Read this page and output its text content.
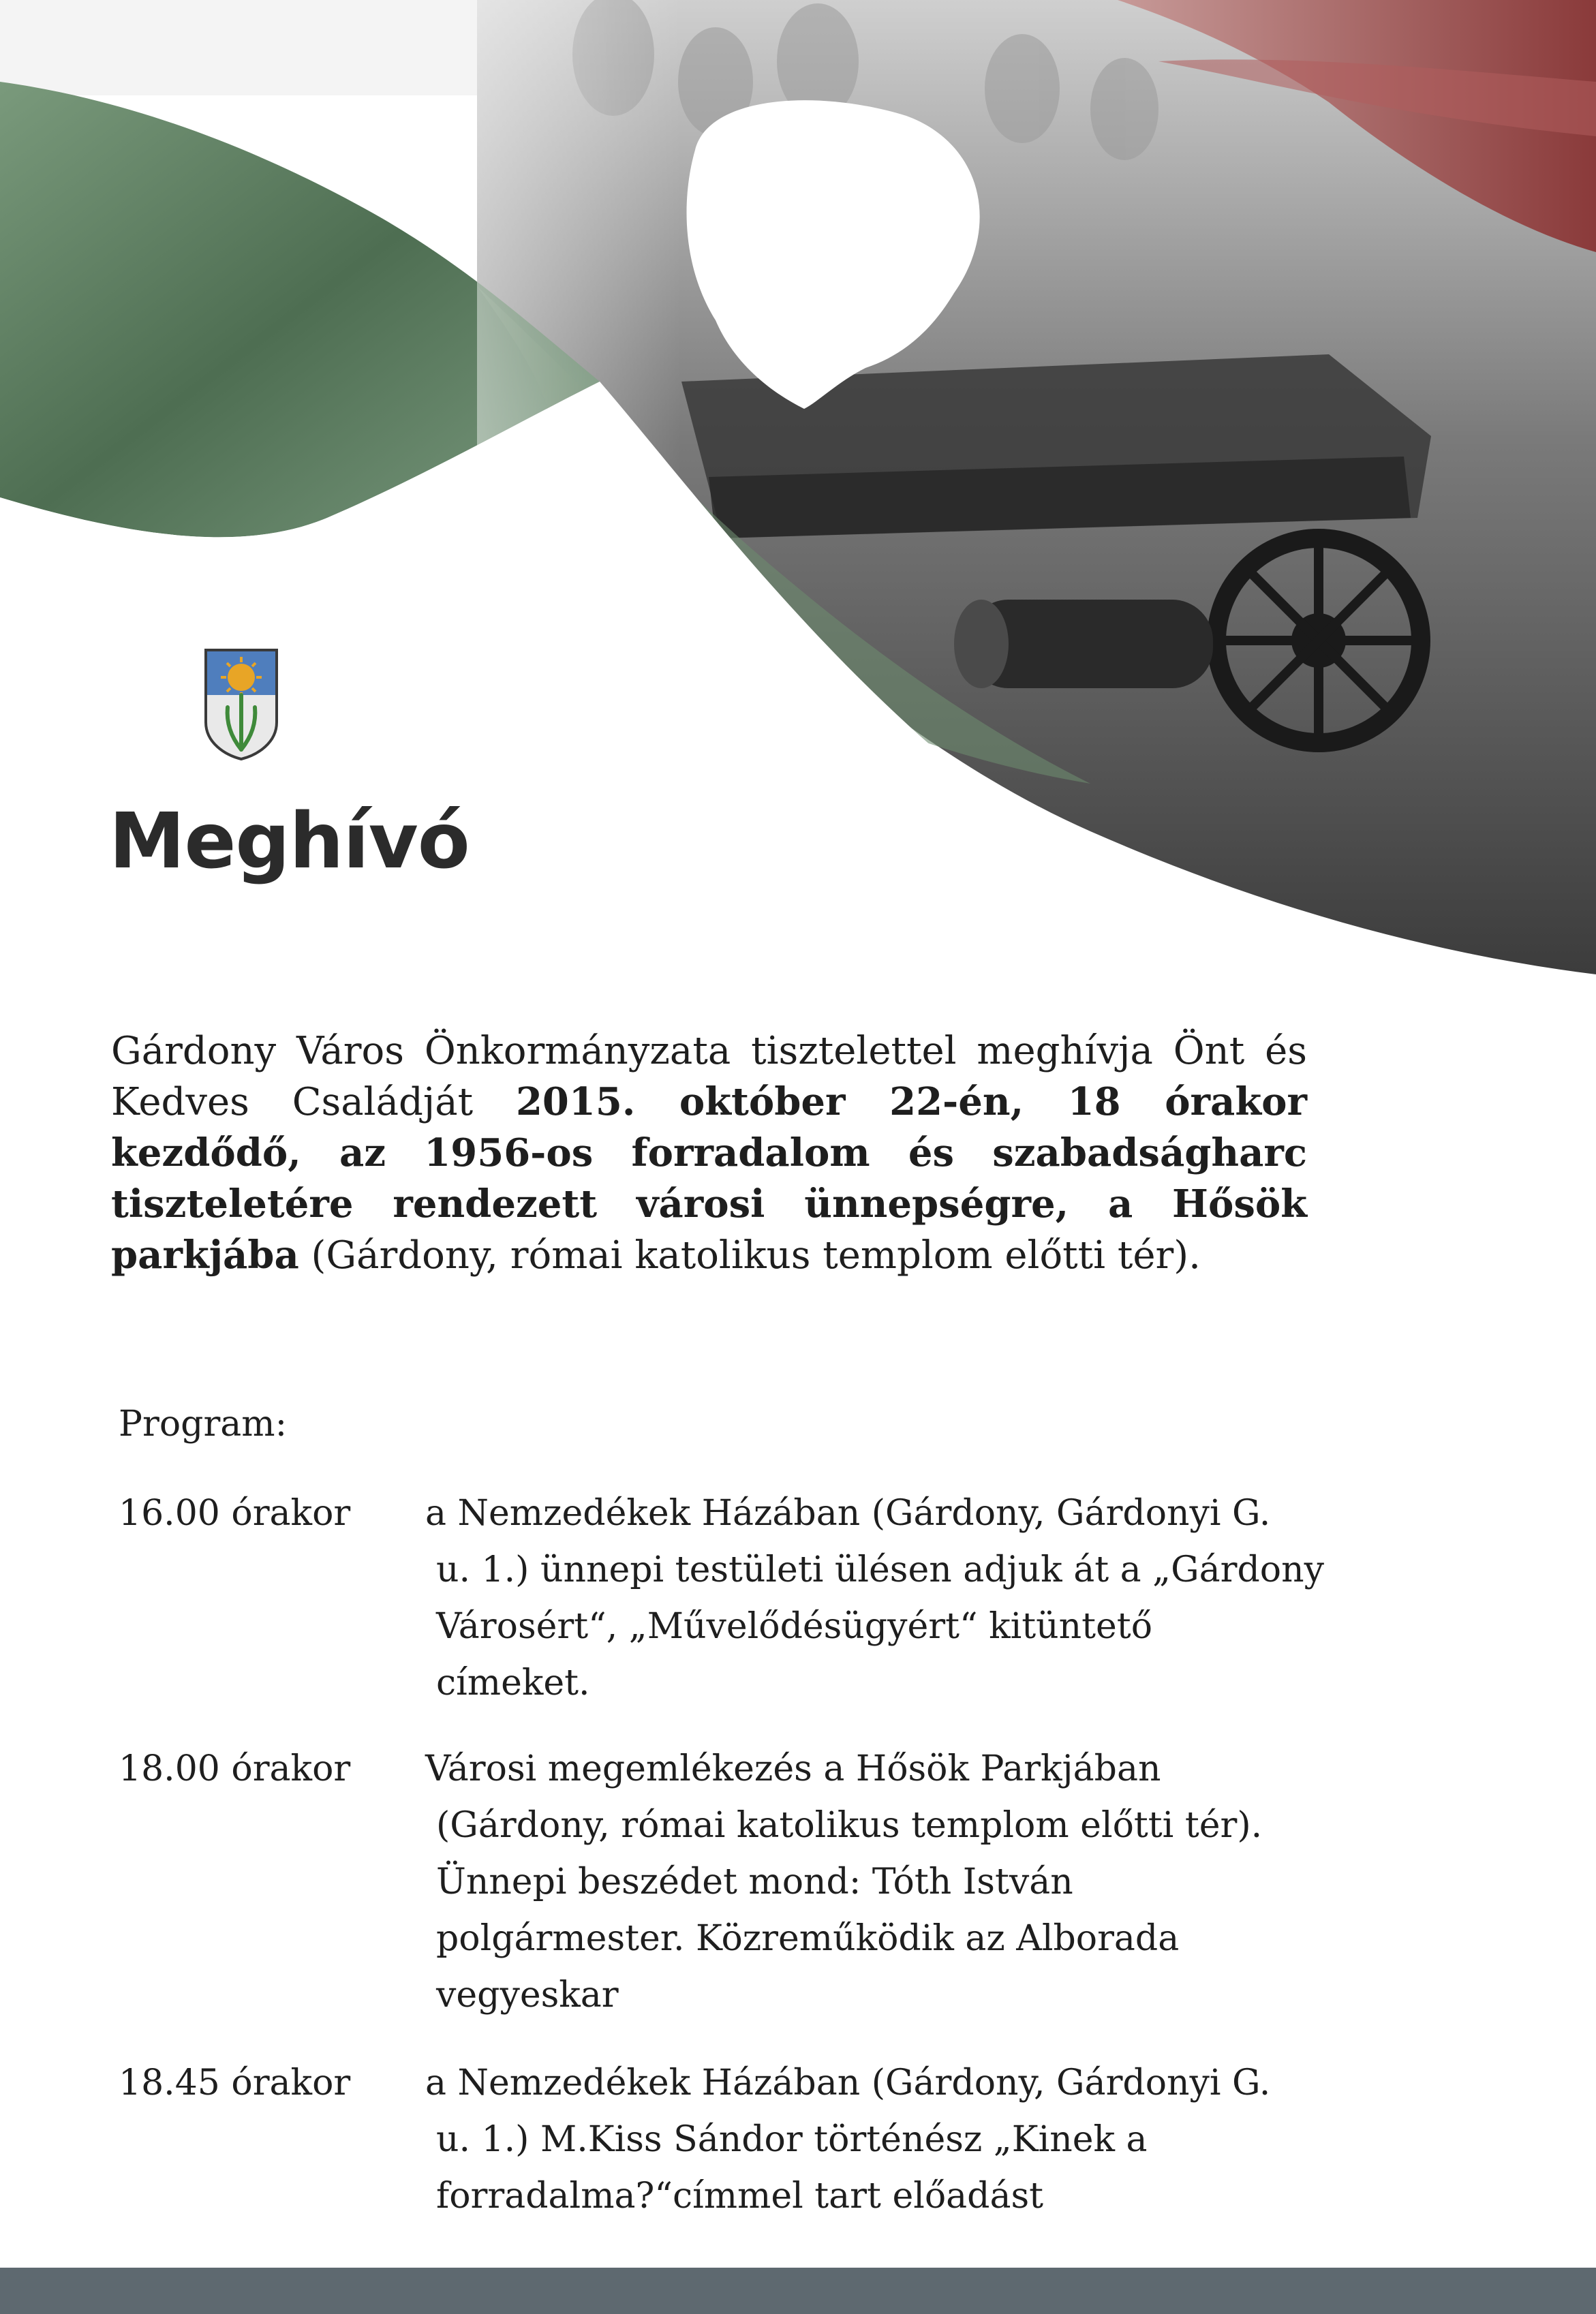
Meghívó

Gárdony Város Önkormányzata tisztelettel meghívja Önt és Kedves Családját 2015. október 22-én, 18 órakor kezdődő, az 1956-os forradalom és szabadságharc tiszteletére rendezett városi ünnepségre, a Hősök parkjába (Gárdony, római katolikus templom előtti tér).

Program:

16.00 órakor a Nemzedékek Házában (Gárdony, Gárdonyi G.
u. 1.) ünnepi testületi ülésen adjuk át a „Gárdony
Városért“, „Művelődésügyért“ kitüntető
címeket.
18.00 órakor Városi megemlékezés a Hősök Parkjában
(Gárdony, római katolikus templom előtti tér).
Ünnepi beszédet mond: Tóth István
polgármester. Közreműködik az Alborada
vegyeskar
18.45 órakor a Nemzedékek Házában (Gárdony, Gárdonyi G.
u. 1.) M.Kiss Sándor történész „Kinek a
forradalma?“címmel tart előadást
